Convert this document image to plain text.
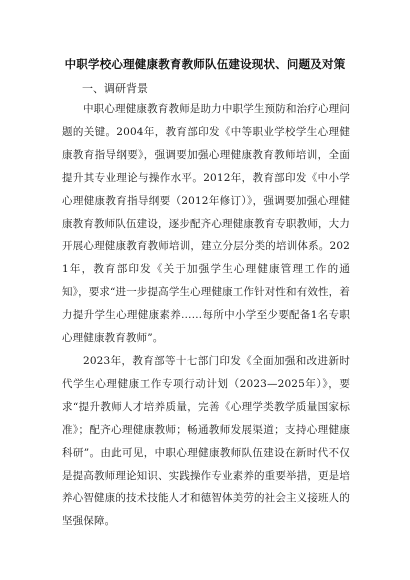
中职学校心理健康教育教师队伍建设现状、问题及对策
一、调研背景

中职心理健康教育教师是助力中职学生预防和治疗心理问题的关键。2004年，教育部印发《中等职业学校学生心理健康教育指导纲要》，强调要加强心理健康教育教师培训，全面提升其专业理论与操作水平。2012年，教育部印发《中小学心理健康教育指导纲要（2012年修订）》，强调要加强心理健康教育教师队伍建设，逐步配齐心理健康教育专职教师，大力开展心理健康教育教师培训，建立分层分类的培训体系。2021年，教育部印发《关于加强学生心理健康管理工作的通知》，要求“进一步提高学生心理健康工作针对性和有效性，着力提升学生心理健康素养……每所中小学至少要配备1名专职心理健康教育教师”。

2023年，教育部等十七部门印发《全面加强和改进新时代学生心理健康工作专项行动计划（2023—2025年）》，要求“提升教师人才培养质量，完善《心理学类教学质量国家标准》；配齐心理健康教师；畅通教师发展渠道；支持心理健康科研”。由此可见，中职心理健康教师队伍建设在新时代不仅是提高教师理论知识、实践操作专业素养的重要举措，更是培养心智健康的技术技能人才和德智体美劳的社会主义接班人的坚强保障。
